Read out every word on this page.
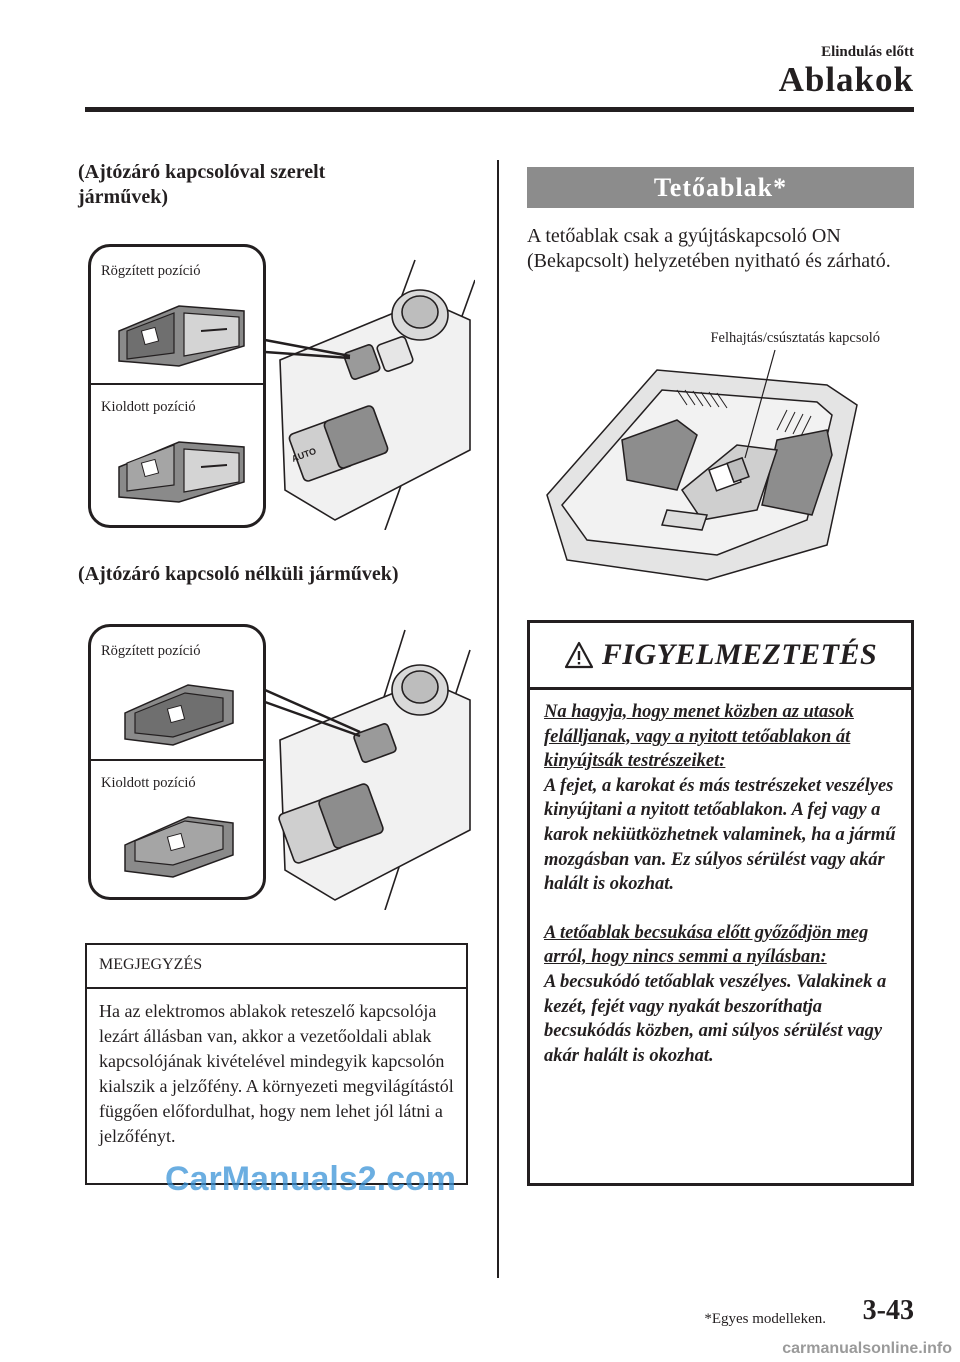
Elindulás előtt
Ablakok
(Ajtózáró kapcsolóval szerelt járművek)
AUTO
Rögzített pozíció
Kioldott pozíció
(Ajtózáró kapcsoló nélküli járművek)
Rögzített pozíció
Kioldott pozíció
MEGJEGYZÉS
Ha az elektromos ablakok reteszelő kapcsolója lezárt állásban van, akkor a vezetőoldali ablak kapcsolójának kivételével mindegyik kapcsolón kialszik a jelzőfény. A környezeti megvilágítástól függően előfordulhat, hogy nem lehet jól látni a jelzőfényt.
Tetőablak*
A tetőablak csak a gyújtáskapcsoló ON (Bekapcsolt) helyzetében nyitható és zárható.
Felhajtás/csúsztatás kapcsoló
FIGYELMEZTETÉS

Na hagyja, hogy menet közben az utasok felálljanak, vagy a nyitott tetőablakon át kinyújtsák testrészeiket:

A fejet, a karokat és más testrészeket veszélyes kinyújtani a nyitott tetőablakon. A fej vagy a karok nekiütközhetnek valaminek, ha a jármű mozgásban van. Ez súlyos sérülést vagy akár halált is okozhat.

A tetőablak becsukása előtt győződjön meg arról, hogy nincs semmi a nyílásban:

A becsukódó tetőablak veszélyes. Valakinek a kezét, fejét vagy nyakát beszoríthatja becsukódás közben, ami súlyos sérülést vagy akár halált is okozhat.

*Egyes modelleken. 3-43
CarManuals2.com
carmanualsonline.info
